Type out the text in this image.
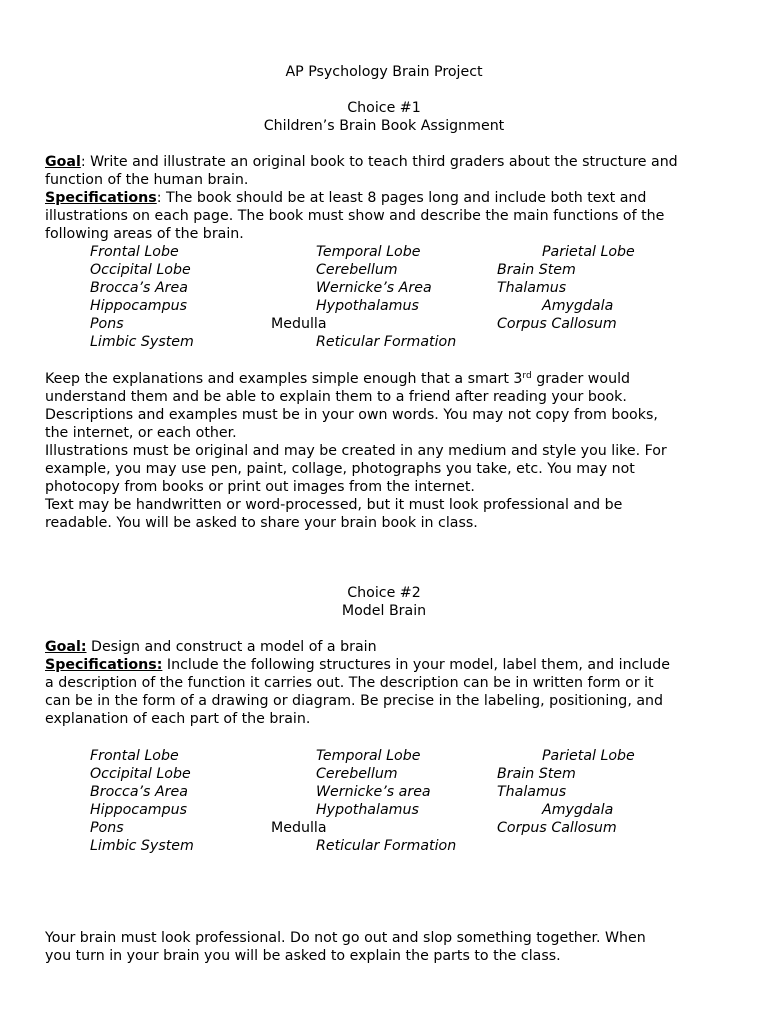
AP Psychology Brain Project
Choice #1
Children’s Brain Book Assignment
Goal: Write and illustrate an original book to teach third graders about the structure and
function of the human brain.
Specifications: The book should be at least 8 pages long and include both text and
illustrations on each page. The book must show and describe the main functions of the
following areas of the brain.
Frontal Lobe	Temporal Lobe	Parietal Lobe
Occipital Lobe	Cerebellum	Brain Stem
Brocca’s Area	Wernicke’s Area	Thalamus
Hippocampus	Hypothalamus	Amygdala
Pons	Medulla	Corpus Callosum
Limbic System	Reticular Formation
Keep the explanations and examples simple enough that a smart 3rd grader would
understand them and be able to explain them to a friend after reading your book.
Descriptions and examples must be in your own words. You may not copy from books,
the internet, or each other.
Illustrations must be original and may be created in any medium and style you like. For
example, you may use pen, paint, collage, photographs you take, etc. You may not
photocopy from books or print out images from the internet.
Text may be handwritten or word-processed, but it must look professional and be
readable. You will be asked to share your brain book in class.
Choice #2
Model Brain
Goal: Design and construct a model of a brain
Specifications: Include the following structures in your model, label them, and include
a description of the function it carries out. The description can be in written form or it
can be in the form of a drawing or diagram. Be precise in the labeling, positioning, and
explanation of each part of the brain.
Frontal Lobe	Temporal Lobe	Parietal Lobe
Occipital Lobe	Cerebellum	Brain Stem
Brocca’s Area	Wernicke’s area	Thalamus
Hippocampus	Hypothalamus	Amygdala
Pons	Medulla	Corpus Callosum
Limbic System	Reticular Formation
Your brain must look professional. Do not go out and slop something together. When
you turn in your brain you will be asked to explain the parts to the class.
